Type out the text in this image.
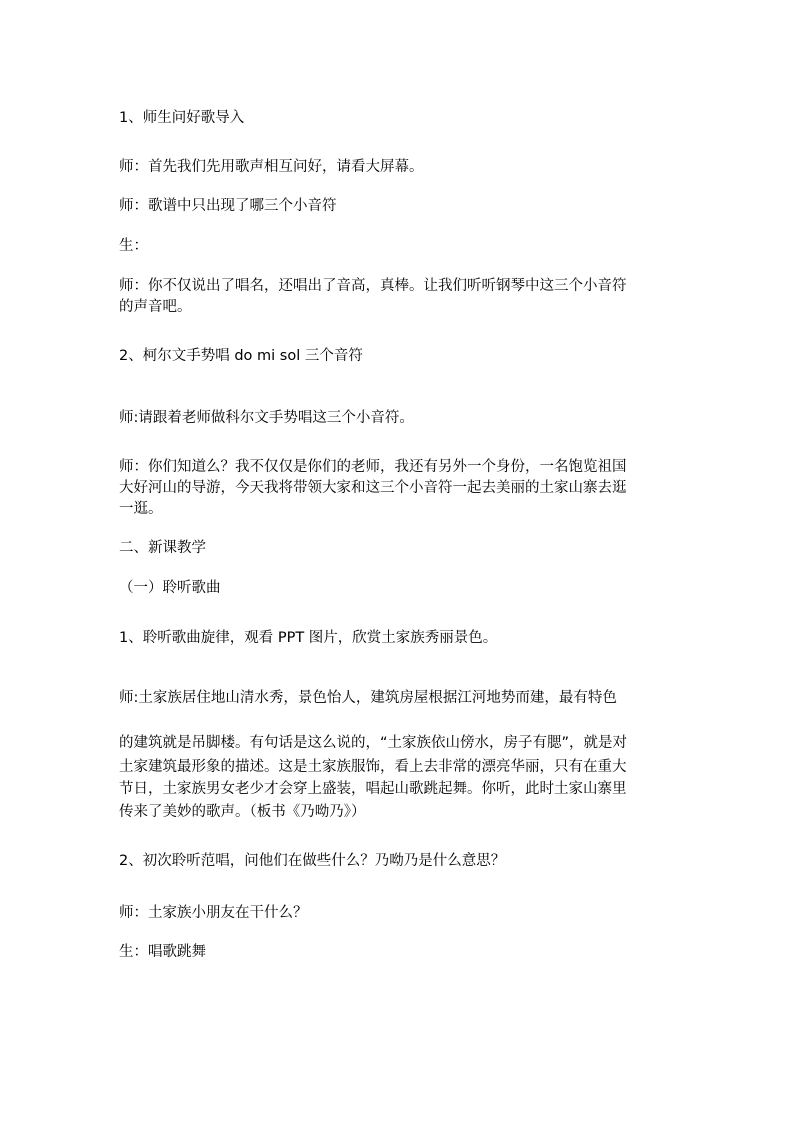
1、师生问好歌导入

师：首先我们先用歌声相互问好，请看大屏幕。

师：歌谱中只出现了哪三个小音符

生：

师：你不仅说出了唱名，还唱出了音高，真棒。让我们听听钢琴中这三个小音符

的声音吧。

2、柯尔文手势唱 do mi sol 三个音符

师:请跟着老师做科尔文手势唱这三个小音符。

师：你们知道么？我不仅仅是你们的老师，我还有另外一个身份，一名饱览祖国

大好河山的导游，今天我将带领大家和这三个小音符一起去美丽的土家山寨去逛

一逛。

二、新课教学

（一）聆听歌曲

1、聆听歌曲旋律，观看 PPT 图片，欣赏土家族秀丽景色。

师:土家族居住地山清水秀，景色怡人，建筑房屋根据江河地势而建，最有特色

的建筑就是吊脚楼。有句话是这么说的，“土家族依山傍水，房子有腮”，就是对

土家建筑最形象的描述。这是土家族服饰，看上去非常的漂亮华丽，只有在重大

节日，土家族男女老少才会穿上盛装，唱起山歌跳起舞。你听，此时土家山寨里

传来了美妙的歌声。（板书《乃呦乃》）

2、初次聆听范唱，问他们在做些什么？乃呦乃是什么意思？

师：土家族小朋友在干什么？

生：唱歌跳舞
